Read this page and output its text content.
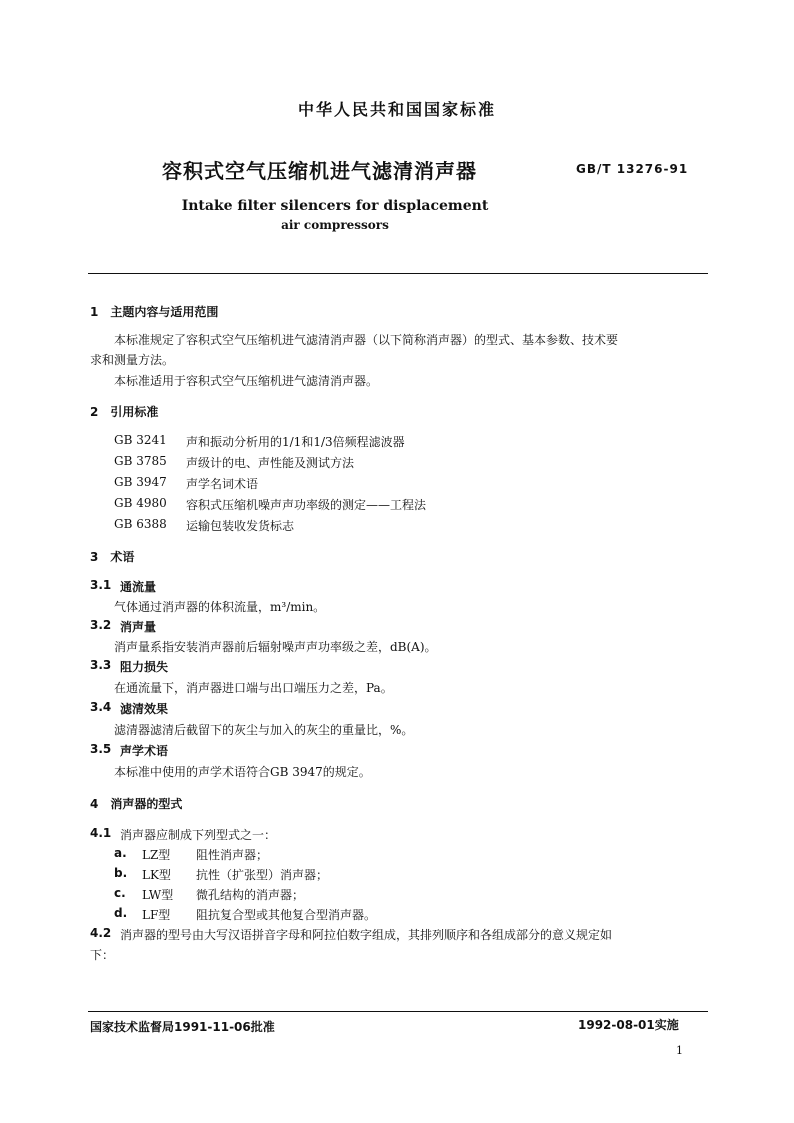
中华人民共和国国家标准
容积式空气压缩机进气滤清消声器	GB/T 13276-91
Intake filter silencers for displacement
air compressors
1　主题内容与适用范围
本标准规定了容积式空气压缩机进气滤清消声器（以下简称消声器）的型式、基本参数、技术要
求和测量方法。
本标准适用于容积式空气压缩机进气滤清消声器。
2　引用标准
GB 3241 声和振动分析用的1/1和1/3倍频程滤波器
GB 3785 声级计的电、声性能及测试方法
GB 3947 声学名词术语
GB 4980 容积式压缩机噪声声功率级的测定——工程法
GB 6388 运输包装收发货标志
3　术语
3.1 通流量
气体通过消声器的体积流量，m³/min。
3.2 消声量
消声量系指安装消声器前后辐射噪声声功率级之差，dB(A)。
3.3 阻力损失
在通流量下，消声器进口端与出口端压力之差，Pa。
3.4 滤清效果
滤清器滤清后截留下的灰尘与加入的灰尘的重量比，%。
3.5 声学术语
本标准中使用的声学术语符合GB 3947的规定。
4　消声器的型式
4.1 消声器应制成下列型式之一：
a. LZ型 阻性消声器；
b. LK型 抗性（扩张型）消声器；
c. LW型 微孔结构的消声器；
d. LF型 阻抗复合型或其他复合型消声器。
4.2 消声器的型号由大写汉语拼音字母和阿拉伯数字组成，其排列顺序和各组成部分的意义规定如
下：
国家技术监督局1991-11-06批准	1992-08-01实施
1
